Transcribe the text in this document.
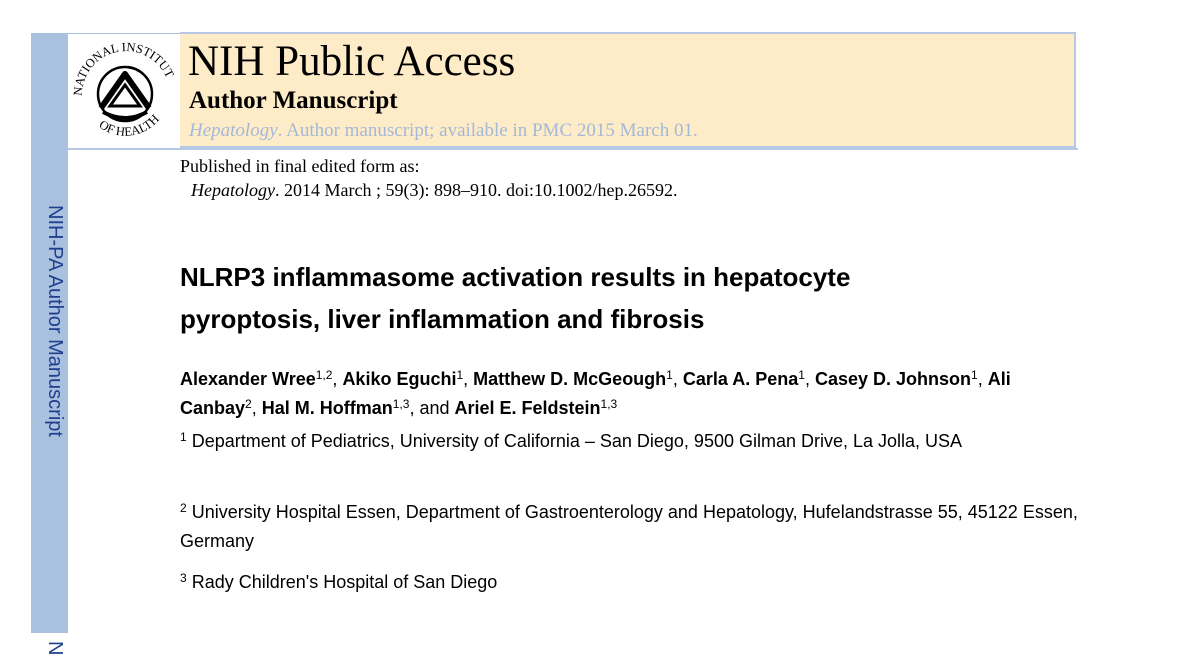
NIH-PA Author Manuscript
N
NATIONAL INSTITUT
OF HEALTH
NIH Public Access
Author Manuscript
Hepatology. Author manuscript; available in PMC 2015 March 01.
Published in final edited form as:
Hepatology. 2014 March ; 59(3): 898–910. doi:10.1002/hep.26592.
NLRP3 inflammasome activation results in hepatocyte
pyroptosis, liver inflammation and fibrosis
Alexander Wree$^{1,2}$, Akiko Eguchi$^1$, Matthew D. McGeough$^1$, Carla A. Pena$^1$, Casey D. Johnson$^1$, Ali Canbay$^2$, Hal M. Hoffman$^{1,3}$, and Ariel E. Feldstein$^{1,3}$
$^1$ Department of Pediatrics, University of California – San Diego, 9500 Gilman Drive, La Jolla, USA
$^2$ University Hospital Essen, Department of Gastroenterology and Hepatology, Hufelandstrasse 55, 45122 Essen, Germany
$^3$ Rady Children's Hospital of San Diego
